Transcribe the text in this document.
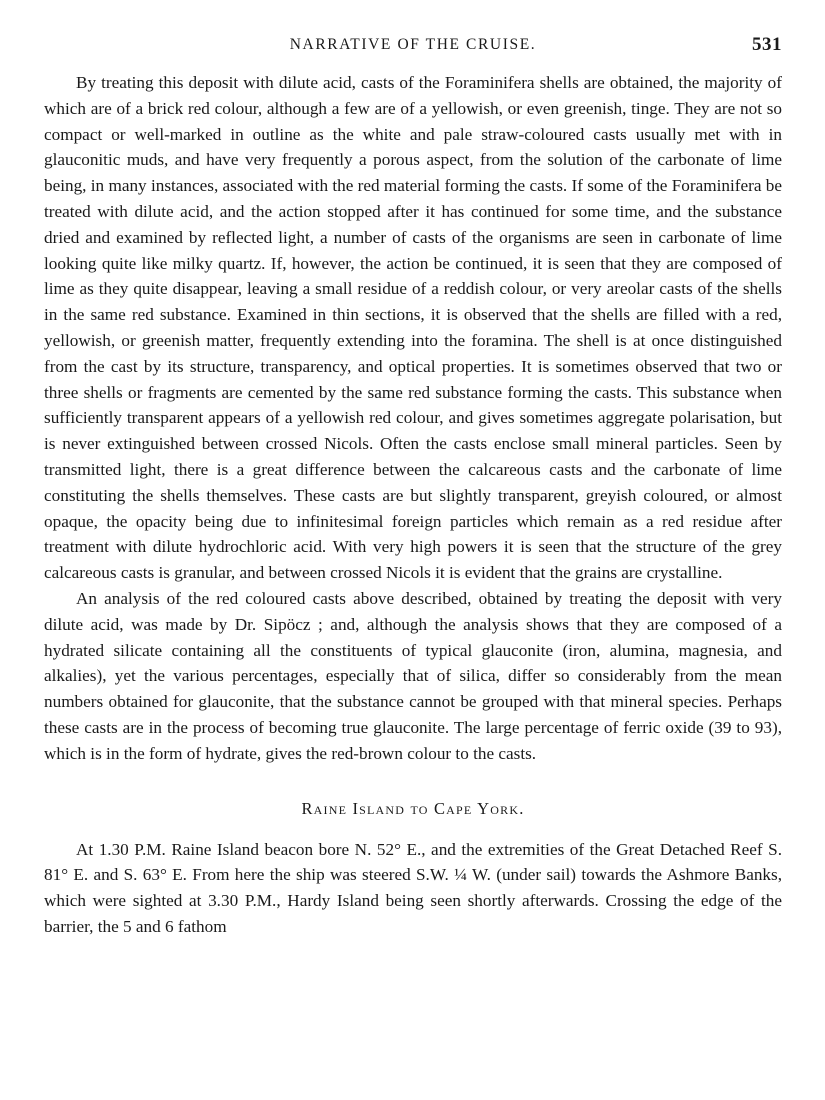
NARRATIVE OF THE CRUISE.	531

By treating this deposit with dilute acid, casts of the Foraminifera shells are obtained, the majority of which are of a brick red colour, although a few are of a yellowish, or even greenish, tinge. They are not so compact or well-marked in outline as the white and pale straw-coloured casts usually met with in glauconitic muds, and have very frequently a porous aspect, from the solution of the carbonate of lime being, in many instances, associated with the red material forming the casts. If some of the Foraminifera be treated with dilute acid, and the action stopped after it has continued for some time, and the substance dried and examined by reflected light, a number of casts of the organisms are seen in carbonate of lime looking quite like milky quartz. If, however, the action be continued, it is seen that they are composed of lime as they quite disappear, leaving a small residue of a reddish colour, or very areolar casts of the shells in the same red substance. Examined in thin sections, it is observed that the shells are filled with a red, yellowish, or greenish matter, frequently extending into the foramina. The shell is at once distinguished from the cast by its structure, transparency, and optical properties. It is sometimes observed that two or three shells or fragments are cemented by the same red substance forming the casts. This substance when sufficiently transparent appears of a yellowish red colour, and gives sometimes aggregate polarisation, but is never extinguished between crossed Nicols. Often the casts enclose small mineral particles. Seen by transmitted light, there is a great difference between the calcareous casts and the carbonate of lime constituting the shells themselves. These casts are but slightly transparent, greyish coloured, or almost opaque, the opacity being due to infinitesimal foreign particles which remain as a red residue after treatment with dilute hydrochloric acid. With very high powers it is seen that the structure of the grey calcareous casts is granular, and between crossed Nicols it is evident that the grains are crystalline.

An analysis of the red coloured casts above described, obtained by treating the deposit with very dilute acid, was made by Dr. Sipöcz ; and, although the analysis shows that they are composed of a hydrated silicate containing all the constituents of typical glauconite (iron, alumina, magnesia, and alkalies), yet the various percentages, especially that of silica, differ so considerably from the mean numbers obtained for glauconite, that the substance cannot be grouped with that mineral species. Perhaps these casts are in the process of becoming true glauconite. The large percentage of ferric oxide (39 to 93), which is in the form of hydrate, gives the red-brown colour to the casts.

Raine Island to Cape York.

At 1.30 P.M. Raine Island beacon bore N. 52° E., and the extremities of the Great Detached Reef S. 81° E. and S. 63° E. From here the ship was steered S.W. ¼ W. (under sail) towards the Ashmore Banks, which were sighted at 3.30 P.M., Hardy Island being seen shortly afterwards. Crossing the edge of the barrier, the 5 and 6 fathom
